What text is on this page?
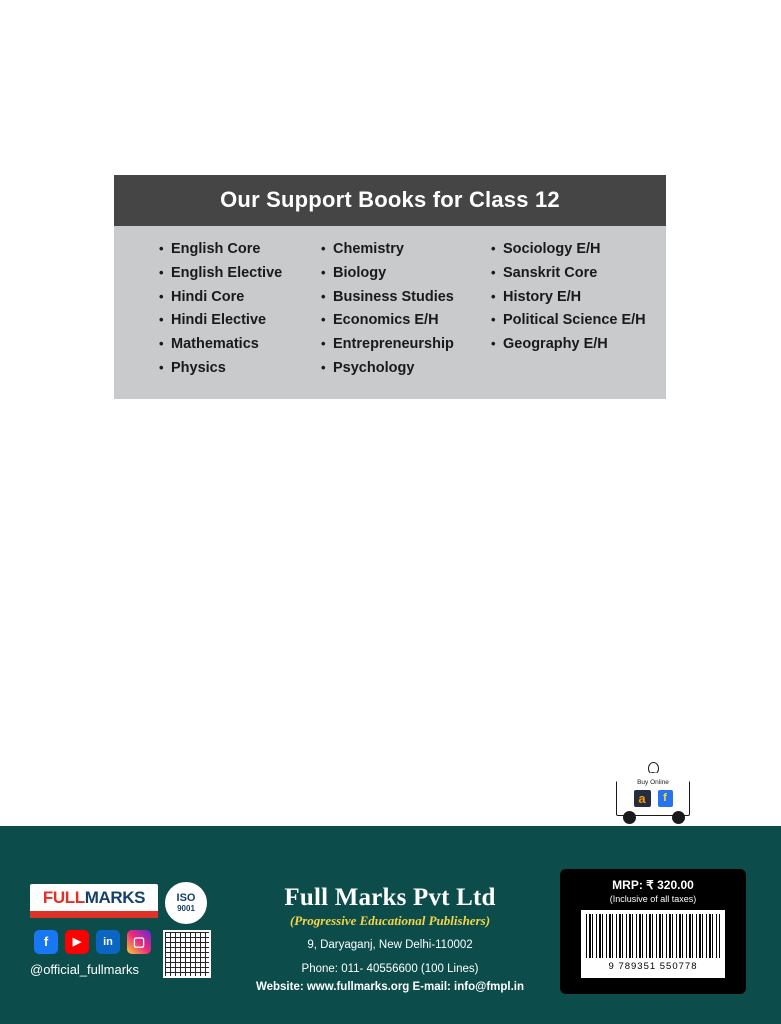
Our Support Books for Class 12
• English Core
• English Elective
• Hindi Core
• Hindi Elective
• Mathematics
• Physics
• Chemistry
• Biology
• Business Studies
• Economics E/H
• Entrepreneurship
• Psychology
• Sociology E/H
• Sanskrit Core
• History E/H
• Political Science E/H
• Geography E/H
Buy Online
a	f
FULLMARKS	ISO
9001
f	▶	in	▢
@official_fullmarks
Full Marks Pvt Ltd
(Progressive Educational Publishers)
9, Daryaganj, New Delhi-110002
Phone: 011- 40556600 (100 Lines)
Website: www.fullmarks.org E-mail: info@fmpl.in
MRP: ₹ 320.00
(Inclusive of all taxes)
9 789351 550778
